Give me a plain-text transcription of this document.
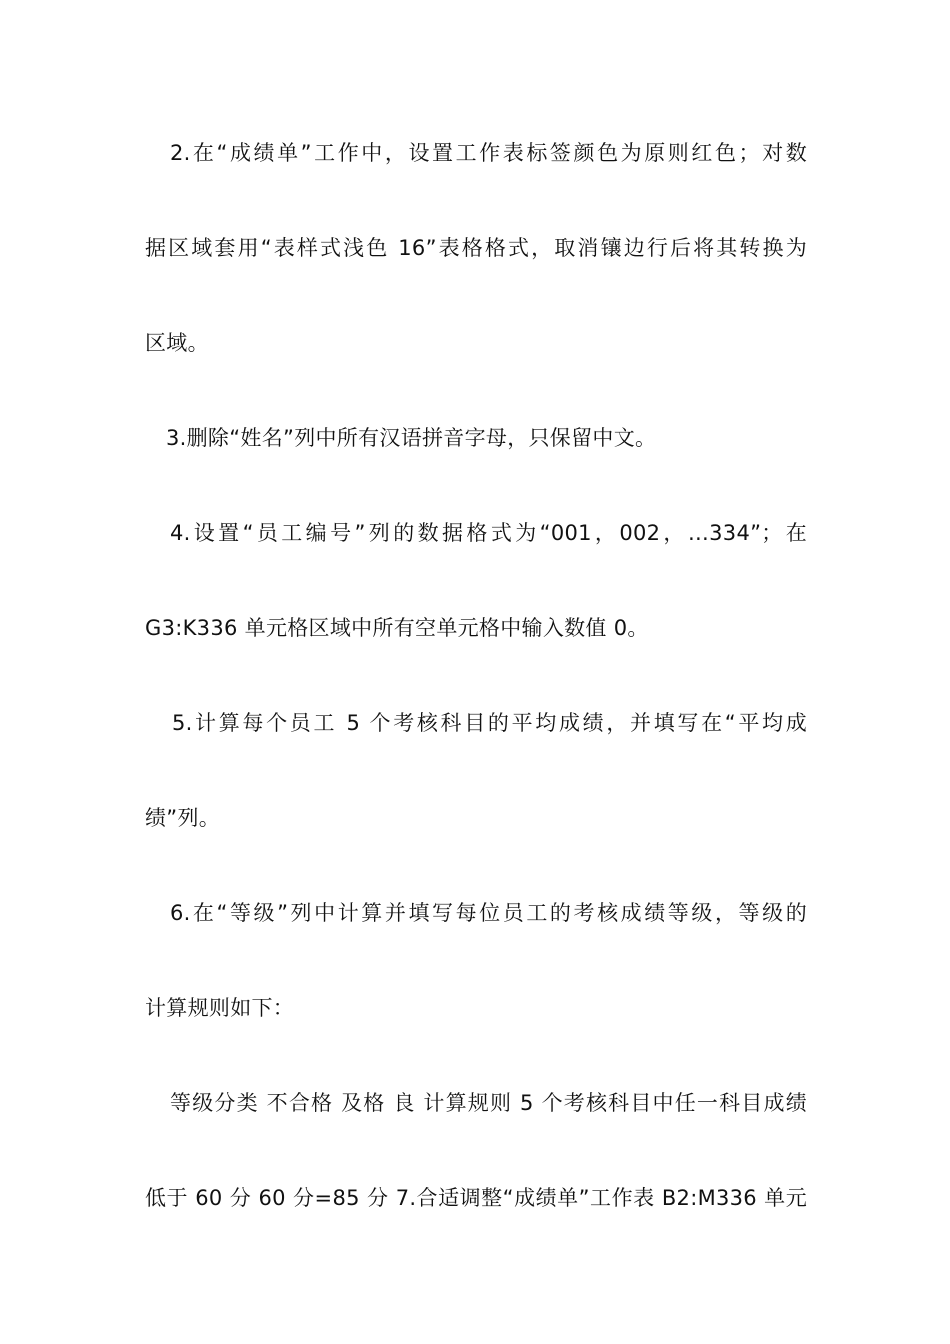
2.在“成绩单”工作中，设置工作表标签颜色为原则红色；对数
据区域套用“表样式浅色 16”表格格式，取消镶边行后将其转换为
区域。
3.删除“姓名”列中所有汉语拼音字母，只保留中文。
4.设置“员工编号”列的数据格式为“001，002，…334”；在
G3:K336 单元格区域中所有空单元格中输入数值 0。
5.计算每个员工 5 个考核科目的平均成绩，并填写在“平均成
绩”列。
6.在“等级”列中计算并填写每位员工的考核成绩等级，等级的
计算规则如下：
等级分类 不合格 及格 良 计算规则 5 个考核科目中任一科目成绩
低于 60 分 60 分=85 分 7.合适调整“成绩单”工作表 B2:M336 单元
